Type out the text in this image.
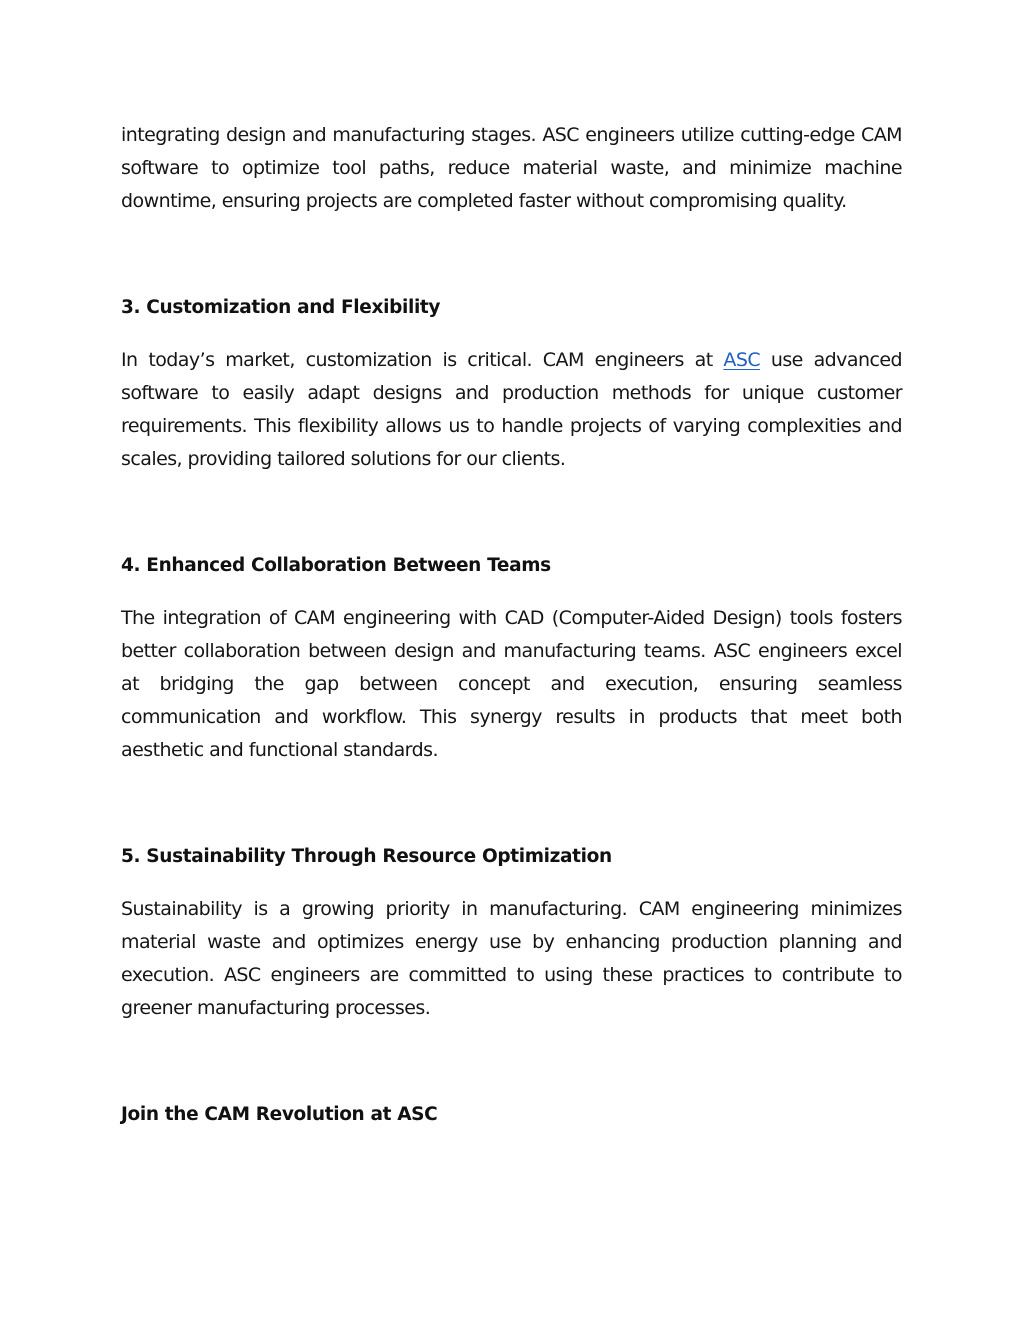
integrating design and manufacturing stages. ASC engineers utilize cutting-edge CAM software to optimize tool paths, reduce material waste, and minimize machine downtime, ensuring projects are completed faster without compromising quality.

3. Customization and Flexibility

In today’s market, customization is critical. CAM engineers at ASC use advanced software to easily adapt designs and production methods for unique customer requirements. This flexibility allows us to handle projects of varying complexities and scales, providing tailored solutions for our clients.

4. Enhanced Collaboration Between Teams

The integration of CAM engineering with CAD (Computer-Aided Design) tools fosters better collaboration between design and manufacturing teams. ASC engineers excel at bridging the gap between concept and execution, ensuring seamless communication and workflow. This synergy results in products that meet both aesthetic and functional standards.

5. Sustainability Through Resource Optimization

Sustainability is a growing priority in manufacturing. CAM engineering minimizes material waste and optimizes energy use by enhancing production planning and execution. ASC engineers are committed to using these practices to contribute to greener manufacturing processes.

Join the CAM Revolution at ASC
